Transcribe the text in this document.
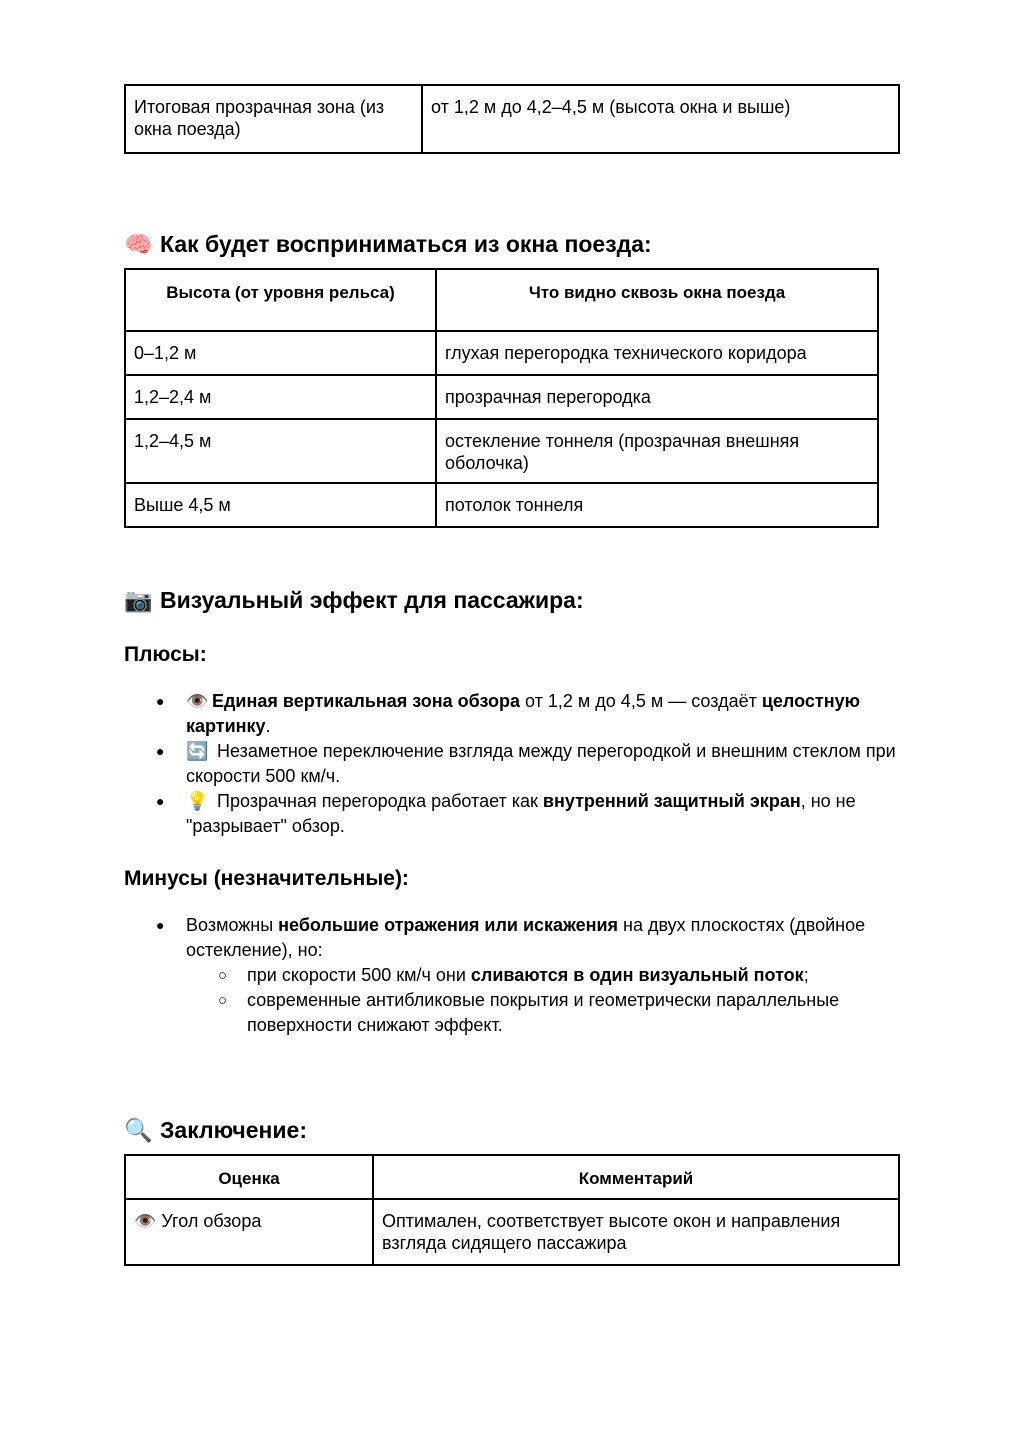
Итоговая прозрачная зона (из окна поезда)	от 1,2 м до 4,2–4,5 м (высота окна и выше)
🧠 Как будет восприниматься из окна поезда:
Высота (от уровня рельса)	Что видно сквозь окна поезда
0–1,2 м	глухая перегородка технического коридора
1,2–2,4 м	прозрачная перегородка
1,2–4,5 м	остекление тоннеля (прозрачная внешняя оболочка)
Выше 4,5 м	потолок тоннеля
📷 Визуальный эффект для пассажира:
Плюсы:
● 👁️ Единая вертикальная зона обзора от 1,2 м до 4,5 м — создаёт целостную картинку.
● 🔄 Незаметное переключение взгляда между перегородкой и внешним стеклом при скорости 500 км/ч.
● 💡 Прозрачная перегородка работает как внутренний защитный экран, но не "разрывает" обзор.
Минусы (незначительные):
● Возможны небольшие отражения или искажения на двух плоскостях (двойное остекление), но:
○ при скорости 500 км/ч они сливаются в один визуальный поток;
○ современные антибликовые покрытия и геометрически параллельные поверхности снижают эффект.
🔍 Заключение:
Оценка	Комментарий
👁️ Угол обзора	Оптимален, соответствует высоте окон и направления взгляда сидящего пассажира
